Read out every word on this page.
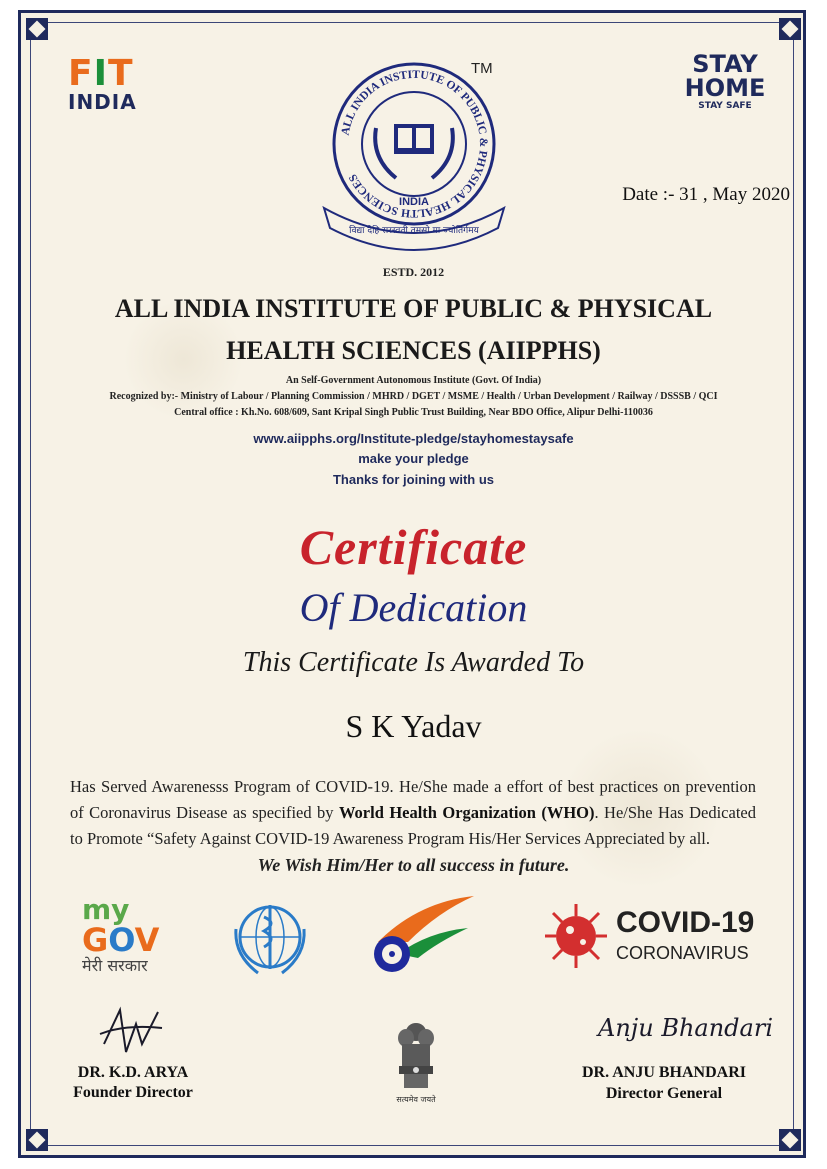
FIT
INDIA
STAY
HOME
STAY SAFE
ALL INDIA INSTITUTE OF PUBLIC & PHYSICAL HEALTH SCIENCES
INDIA
विद्या देहि सरस्वती तमसो मा ज्योतिर्गमय
TM
Date :- 31 , May 2020
ESTD. 2012
ALL INDIA INSTITUTE OF PUBLIC & PHYSICAL
HEALTH SCIENCES (AIIPPHS)
An Self-Government Autonomous Institute (Govt. Of India)
Recognized by:- Ministry of Labour / Planning Commission / MHRD / DGET / MSME / Health / Urban Development / Railway / DSSSB / QCI
Central office : Kh.No. 608/609, Sant Kripal Singh Public Trust Building, Near BDO Office, Alipur Delhi-110036
www.aiipphs.org/Institute-pledge/stayhomestaysafe
make your pledge
Thanks for joining with us
Certificate
Of Dedication
This Certificate Is Awarded To
S K Yadav
Has Served Awarenesss Program of COVID-19. He/She made a effort of best practices on prevention of Coronavirus Disease as specified by World Health Organization (WHO). He/She Has Dedicated to Promote “Safety Against COVID-19 Awareness Program His/Her Services Appreciated by all.
We Wish Him/Her to all success in future.
my
GOV
मेरी सरकार
COVID-19
CORONAVIRUS
DR. K.D. ARYA
Founder Director	सत्यमेव जयते
Anju Bhandari
DR. ANJU BHANDARI
Director General
